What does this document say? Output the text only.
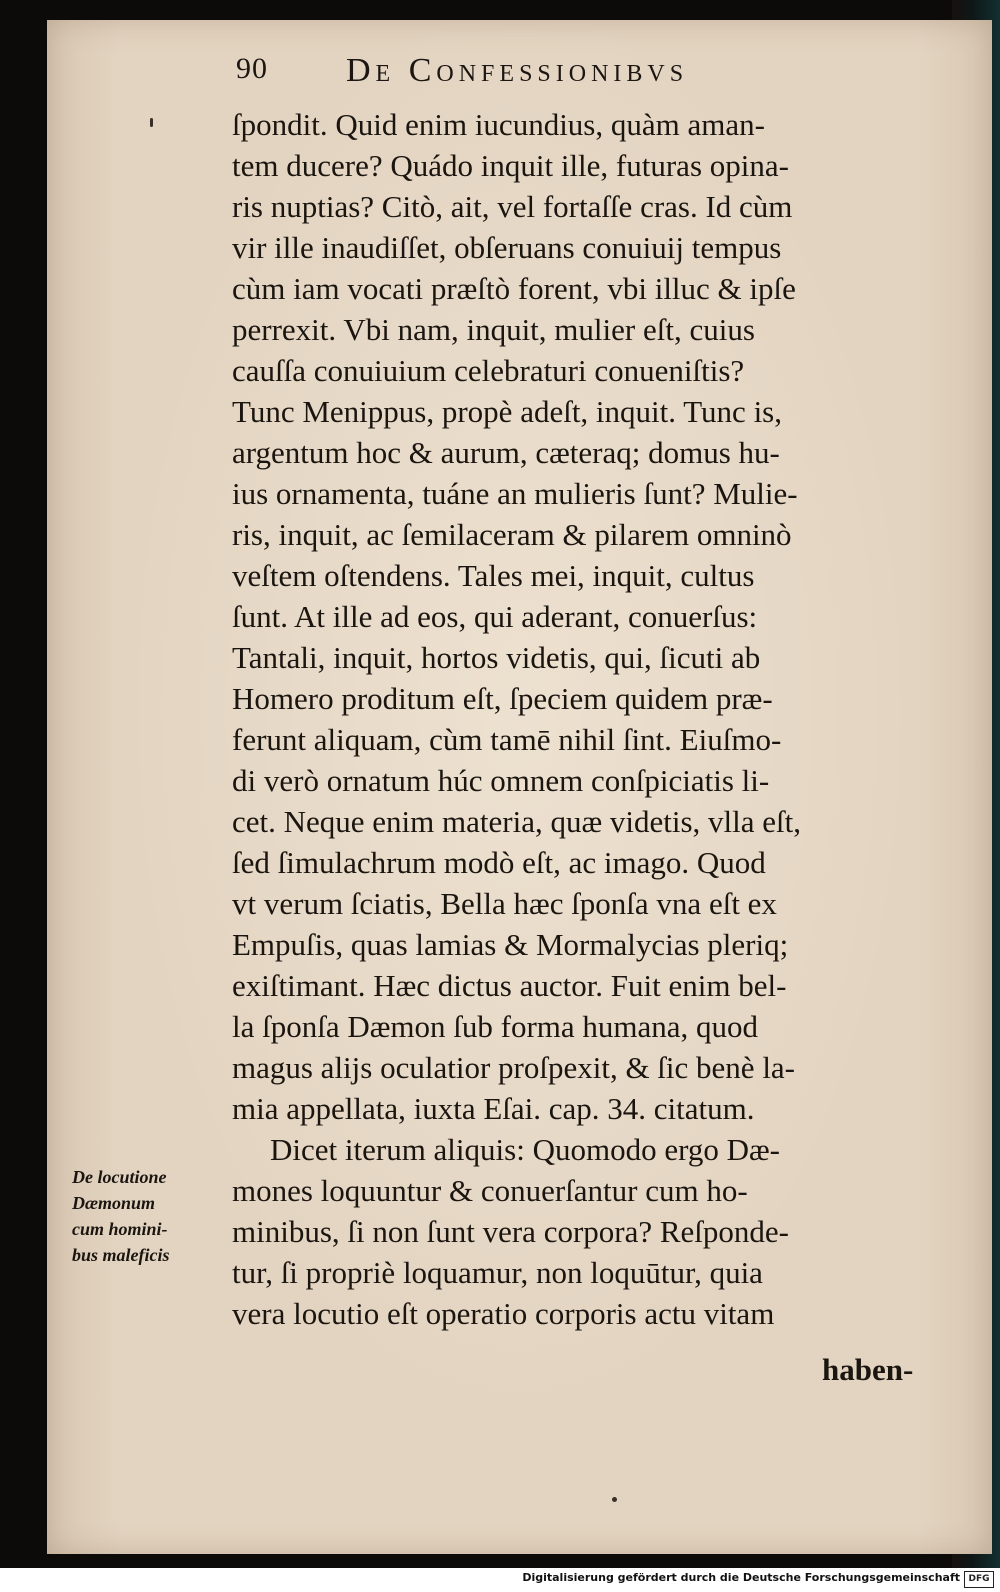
90 De Confessionibvs
ſpondit. Quid enim iucundius, quàm aman-
tem ducere? Quádo inquit ille, futuras opina-
ris nuptias? Citò, ait, vel fortaſſe cras. Id cùm
vir ille inaudiſſet, obſeruans conuiuij tempus
cùm iam vocati præſtò forent, vbi illuc & ipſe
perrexit. Vbi nam, inquit, mulier eſt, cuius
cauſſa conuiuium celebraturi conueniſtis?
Tunc Menippus, propè adeſt, inquit. Tunc is,
argentum hoc & aurum, cæteraq; domus hu-
ius ornamenta, tuáne an mulieris ſunt? Mulie-
ris, inquit, ac ſemilaceram & pilarem omninò
veſtem oſtendens. Tales mei, inquit, cultus
ſunt. At ille ad eos, qui aderant, conuerſus:
Tantali, inquit, hortos videtis, qui, ſicuti ab
Homero proditum eſt, ſpeciem quidem præ-
ferunt aliquam, cùm tamē nihil ſint. Eiuſmo-
di verò ornatum húc omnem conſpiciatis li-
cet. Neque enim materia, quæ videtis, vlla eſt,
ſed ſimulachrum modò eſt, ac imago. Quod
vt verum ſciatis, Bella hæc ſponſa vna eſt ex
Empuſis, quas lamias & Mormalycias pleriq;
exiſtimant. Hæc dictus auctor. Fuit enim bel-
la ſponſa Dæmon ſub forma humana, quod
magus alijs oculatior proſpexit, & ſic benè la-
mia appellata, iuxta Eſai. cap. 34. citatum.
Dicet iterum aliquis: Quomodo ergo Dæ-
mones loquuntur & conuerſantur cum ho-
minibus, ſi non ſunt vera corpora? Reſponde-
tur, ſi propriè loquamur, non loquūtur, quia
vera locutio eſt operatio corporis actu vitam
haben-
De locutione
Dæmonum
cum homini-
bus maleficis
Digitalisierung gefördert durch die Deutsche Forschungsgemeinschaft DFG
